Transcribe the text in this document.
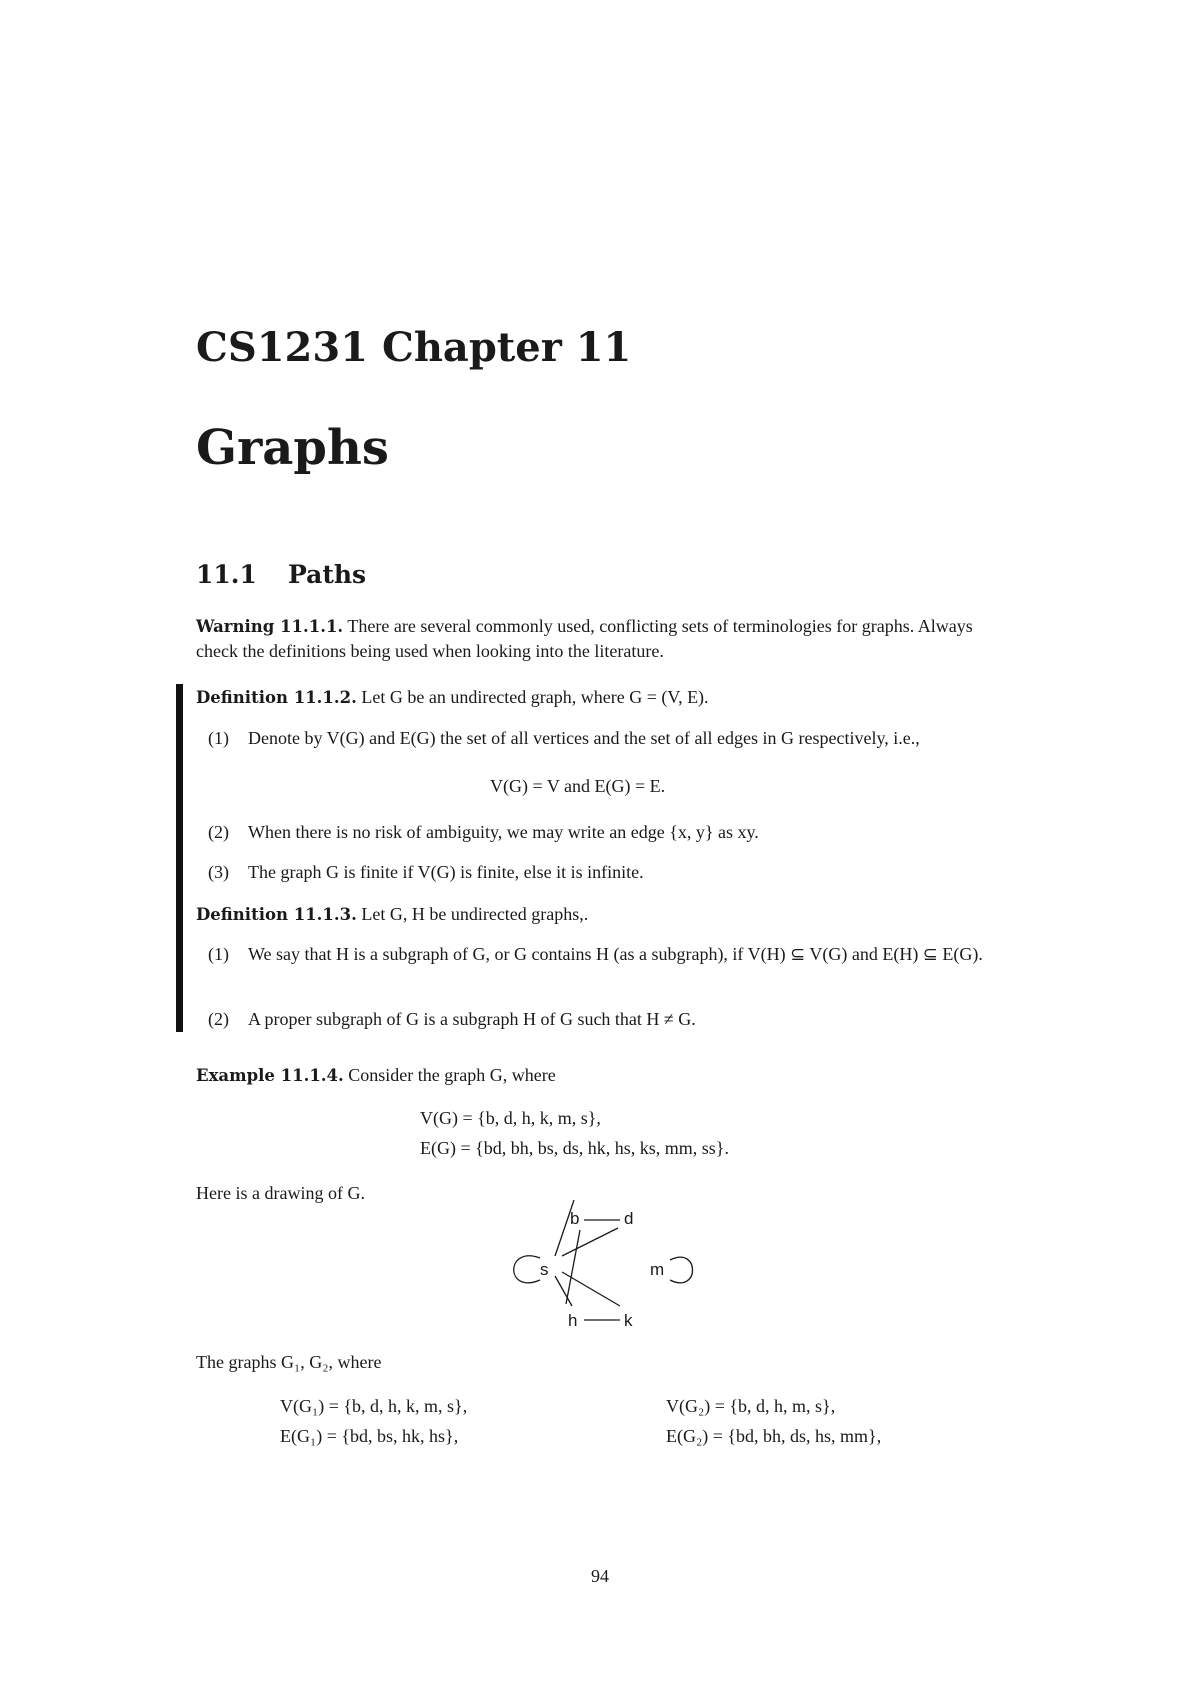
CS1231 Chapter 11
Graphs
11.1 Paths
Warning 11.1.1. There are several commonly used, conflicting sets of terminologies for graphs. Always check the definitions being used when looking into the literature.
Definition 11.1.2. Let G be an undirected graph, where G = (V, E).
(1) Denote by V(G) and E(G) the set of all vertices and the set of all edges in G respectively, i.e.,
V(G) = V and E(G) = E.
(2) When there is no risk of ambiguity, we may write an edge {x, y} as xy.
(3) The graph G is finite if V(G) is finite, else it is infinite.
Definition 11.1.3. Let G, H be undirected graphs,.
(1) We say that H is a subgraph of G, or G contains H (as a subgraph), if V(H) ⊆ V(G) and E(H) ⊆ E(G).
(2) A proper subgraph of G is a subgraph H of G such that H ≠ G.
Example 11.1.4. Consider the graph G, where
V(G) = {b, d, h, k, m, s},
E(G) = {bd, bh, bs, ds, hk, hs, ks, mm, ss}.
Here is a drawing of G.
b	d
s	m
h	k
The graphs G₁, G₂, where
V(G₁) = {b, d, h, k, m, s},
E(G₁) = {bd, bs, hk, hs},
V(G₂) = {b, d, h, m, s},
E(G₂) = {bd, bh, ds, hs, mm},
94
